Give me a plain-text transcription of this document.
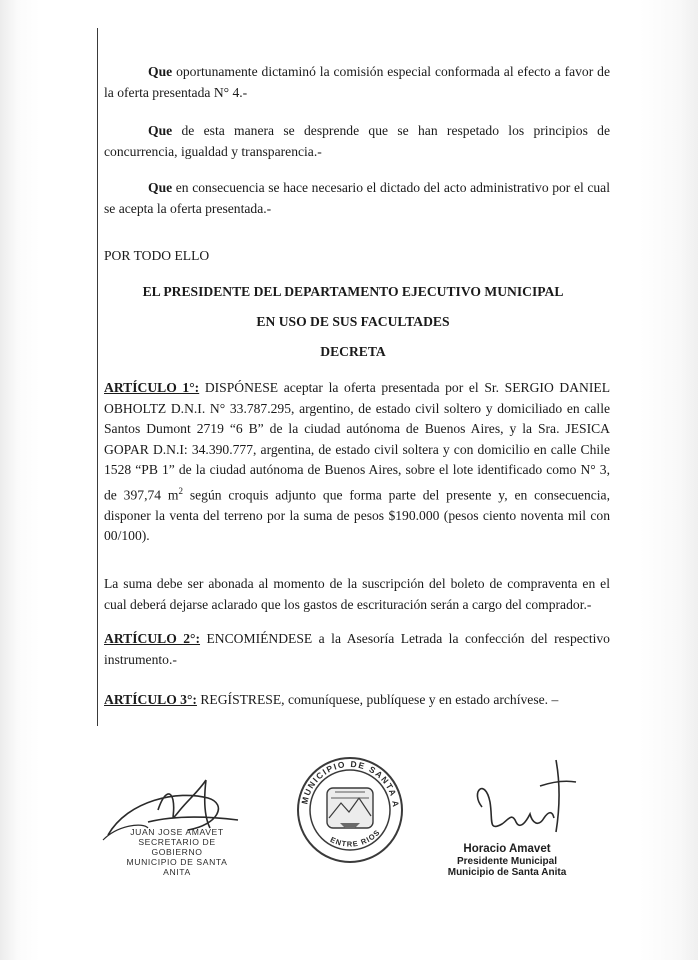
Que oportunamente dictaminó la comisión especial conformada al efecto a favor de la oferta presentada N° 4.-
Que de esta manera se desprende que se han respetado los principios de concurrencia, igualdad y transparencia.-
Que en consecuencia se hace necesario el dictado del acto administrativo por el cual se acepta la oferta presentada.-
POR TODO ELLO
EL PRESIDENTE DEL DEPARTAMENTO EJECUTIVO MUNICIPAL
EN USO DE SUS FACULTADES
DECRETA
ARTÍCULO 1°: DISPÓNESE aceptar la oferta presentada por el Sr. SERGIO DANIEL OBHOLTZ D.N.I. N° 33.787.295, argentino, de estado civil soltero y domiciliado en calle Santos Dumont 2719 “6 B” de la ciudad autónoma de Buenos Aires, y la Sra. JESICA GOPAR D.N.I: 34.390.777, argentina, de estado civil soltera y con domicilio en calle Chile 1528 “PB 1” de la ciudad autónoma de Buenos Aires, sobre el lote identificado como N° 3, de 397,74 $m^2$ según croquis adjunto que forma parte del presente y, en consecuencia, disponer la venta del terreno por la suma de pesos $190.000 (pesos ciento noventa mil con 00/100).
La suma debe ser abonada al momento de la suscripción del boleto de compraventa en el cual deberá dejarse aclarado que los gastos de escrituración serán a cargo del comprador.-
ARTÍCULO 2°: ENCOMIÉNDESE a la Asesoría Letrada la confección del respectivo instrumento.-
ARTÍCULO 3°: REGÍSTRESE, comuníquese, publíquese y en estado archívese. –
JUAN JOSE AMAVET
SECRETARIO DE GOBIERNO
MUNICIPIO DE SANTA ANITA
MUNICIPIO DE SANTA A
ENTRE RIOS
Horacio Amavet
Presidente Municipal
Municipio de Santa Anita
